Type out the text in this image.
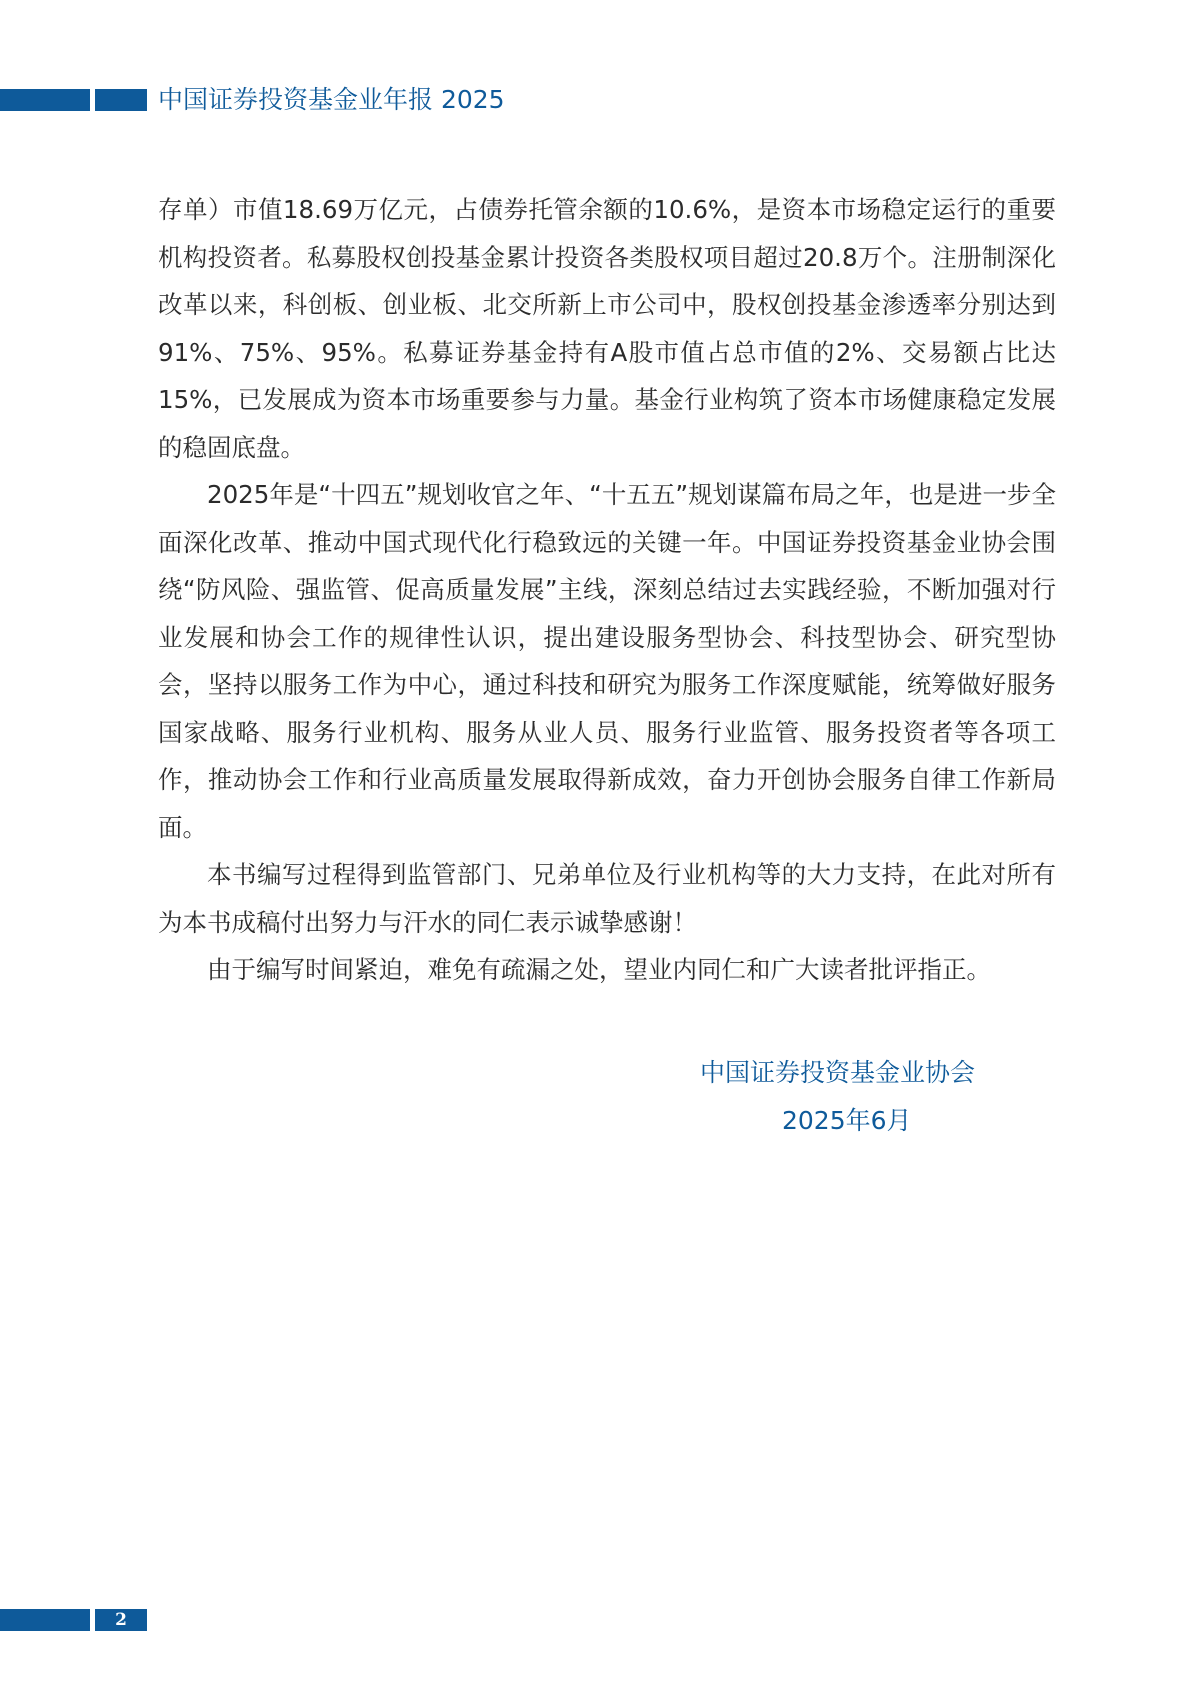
中国证券投资基金业年报 2025

存单）市值18.69万亿元，占债券托管余额的10.6%，是资本市场稳定运行的重要机构投资者。私募股权创投基金累计投资各类股权项目超过20.8万个。注册制深化改革以来，科创板、创业板、北交所新上市公司中，股权创投基金渗透率分别达到91%、75%、95%。私募证券基金持有A股市值占总市值的2%、交易额占比达15%，已发展成为资本市场重要参与力量。基金行业构筑了资本市场健康稳定发展的稳固底盘。

2025年是“十四五”规划收官之年、“十五五”规划谋篇布局之年，也是进一步全面深化改革、推动中国式现代化行稳致远的关键一年。中国证券投资基金业协会围绕“防风险、强监管、促高质量发展”主线，深刻总结过去实践经验，不断加强对行业发展和协会工作的规律性认识，提出建设服务型协会、科技型协会、研究型协会，坚持以服务工作为中心，通过科技和研究为服务工作深度赋能，统筹做好服务国家战略、服务行业机构、服务从业人员、服务行业监管、服务投资者等各项工作，推动协会工作和行业高质量发展取得新成效，奋力开创协会服务自律工作新局面。

本书编写过程得到监管部门、兄弟单位及行业机构等的大力支持，在此对所有为本书成稿付出努力与汗水的同仁表示诚挚感谢！

由于编写时间紧迫，难免有疏漏之处，望业内同仁和广大读者批评指正。

中国证券投资基金业协会
2025年6月
2
